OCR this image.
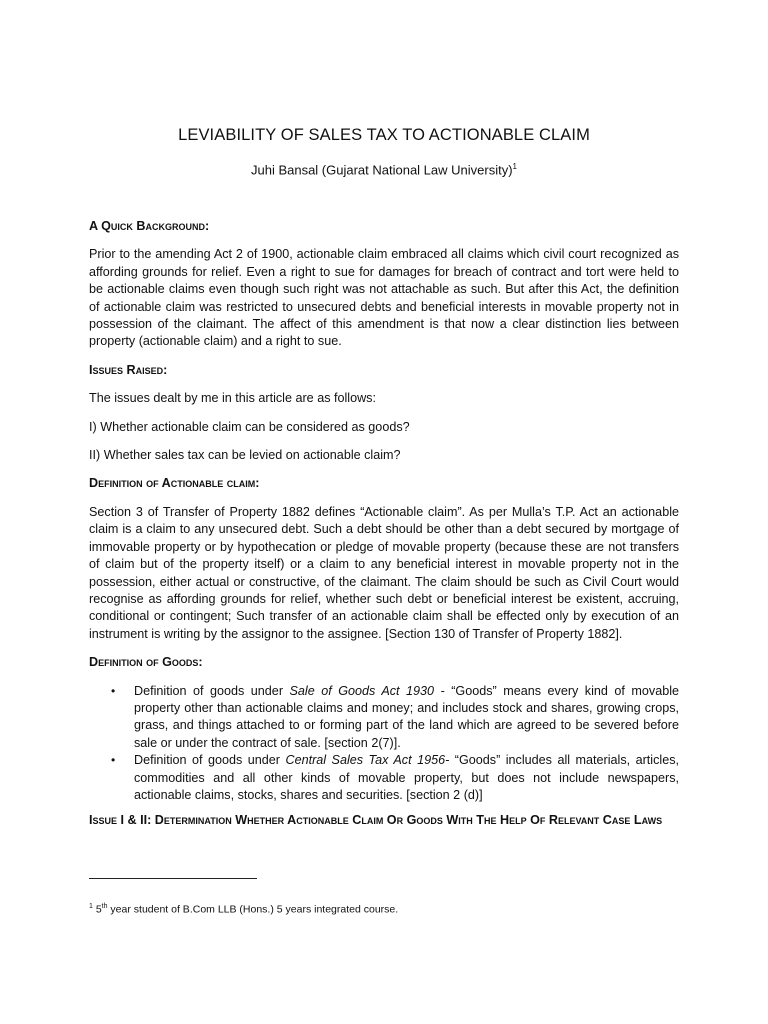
LEVIABILITY OF SALES TAX TO ACTIONABLE CLAIM

Juhi Bansal (Gujarat National Law University)$^1$

A Quick Background:

Prior to the amending Act 2 of 1900, actionable claim embraced all claims which civil court recognized as affording grounds for relief. Even a right to sue for damages for breach of contract and tort were held to be actionable claims even though such right was not attachable as such. But after this Act, the definition of actionable claim was restricted to unsecured debts and beneficial interests in movable property not in possession of the claimant. The affect of this amendment is that now a clear distinction lies between property (actionable claim) and a right to sue.

Issues Raised:

The issues dealt by me in this article are as follows:

I) Whether actionable claim can be considered as goods?

II) Whether sales tax can be levied on actionable claim?

Definition of Actionable claim:

Section 3 of Transfer of Property 1882 defines “Actionable claim”. As per Mulla’s T.P. Act an actionable claim is a claim to any unsecured debt. Such a debt should be other than a debt secured by mortgage of immovable property or by hypothecation or pledge of movable property (because these are not transfers of claim but of the property itself) or a claim to any beneficial interest in movable property not in the possession, either actual or constructive, of the claimant. The claim should be such as Civil Court would recognise as affording grounds for relief, whether such debt or beneficial interest be existent, accruing, conditional or contingent; Such transfer of an actionable claim shall be effected only by execution of an instrument is writing by the assignor to the assignee. [Section 130 of Transfer of Property 1882].

Definition of Goods:

• Definition of goods under Sale of Goods Act 1930 - “Goods” means every kind of movable property other than actionable claims and money; and includes stock and shares, growing crops, grass, and things attached to or forming part of the land which are agreed to be severed before sale or under the contract of sale. [section 2(7)].
• Definition of goods under Central Sales Tax Act 1956- “Goods” includes all materials, articles, commodities and all other kinds of movable property, but does not include newspapers, actionable claims, stocks, shares and securities. [section 2 (d)]

Issue I & II: Determination Whether Actionable Claim Or Goods With The Help Of Relevant Case Laws

$^1$ 5th year student of B.Com LLB (Hons.) 5 years integrated course.
